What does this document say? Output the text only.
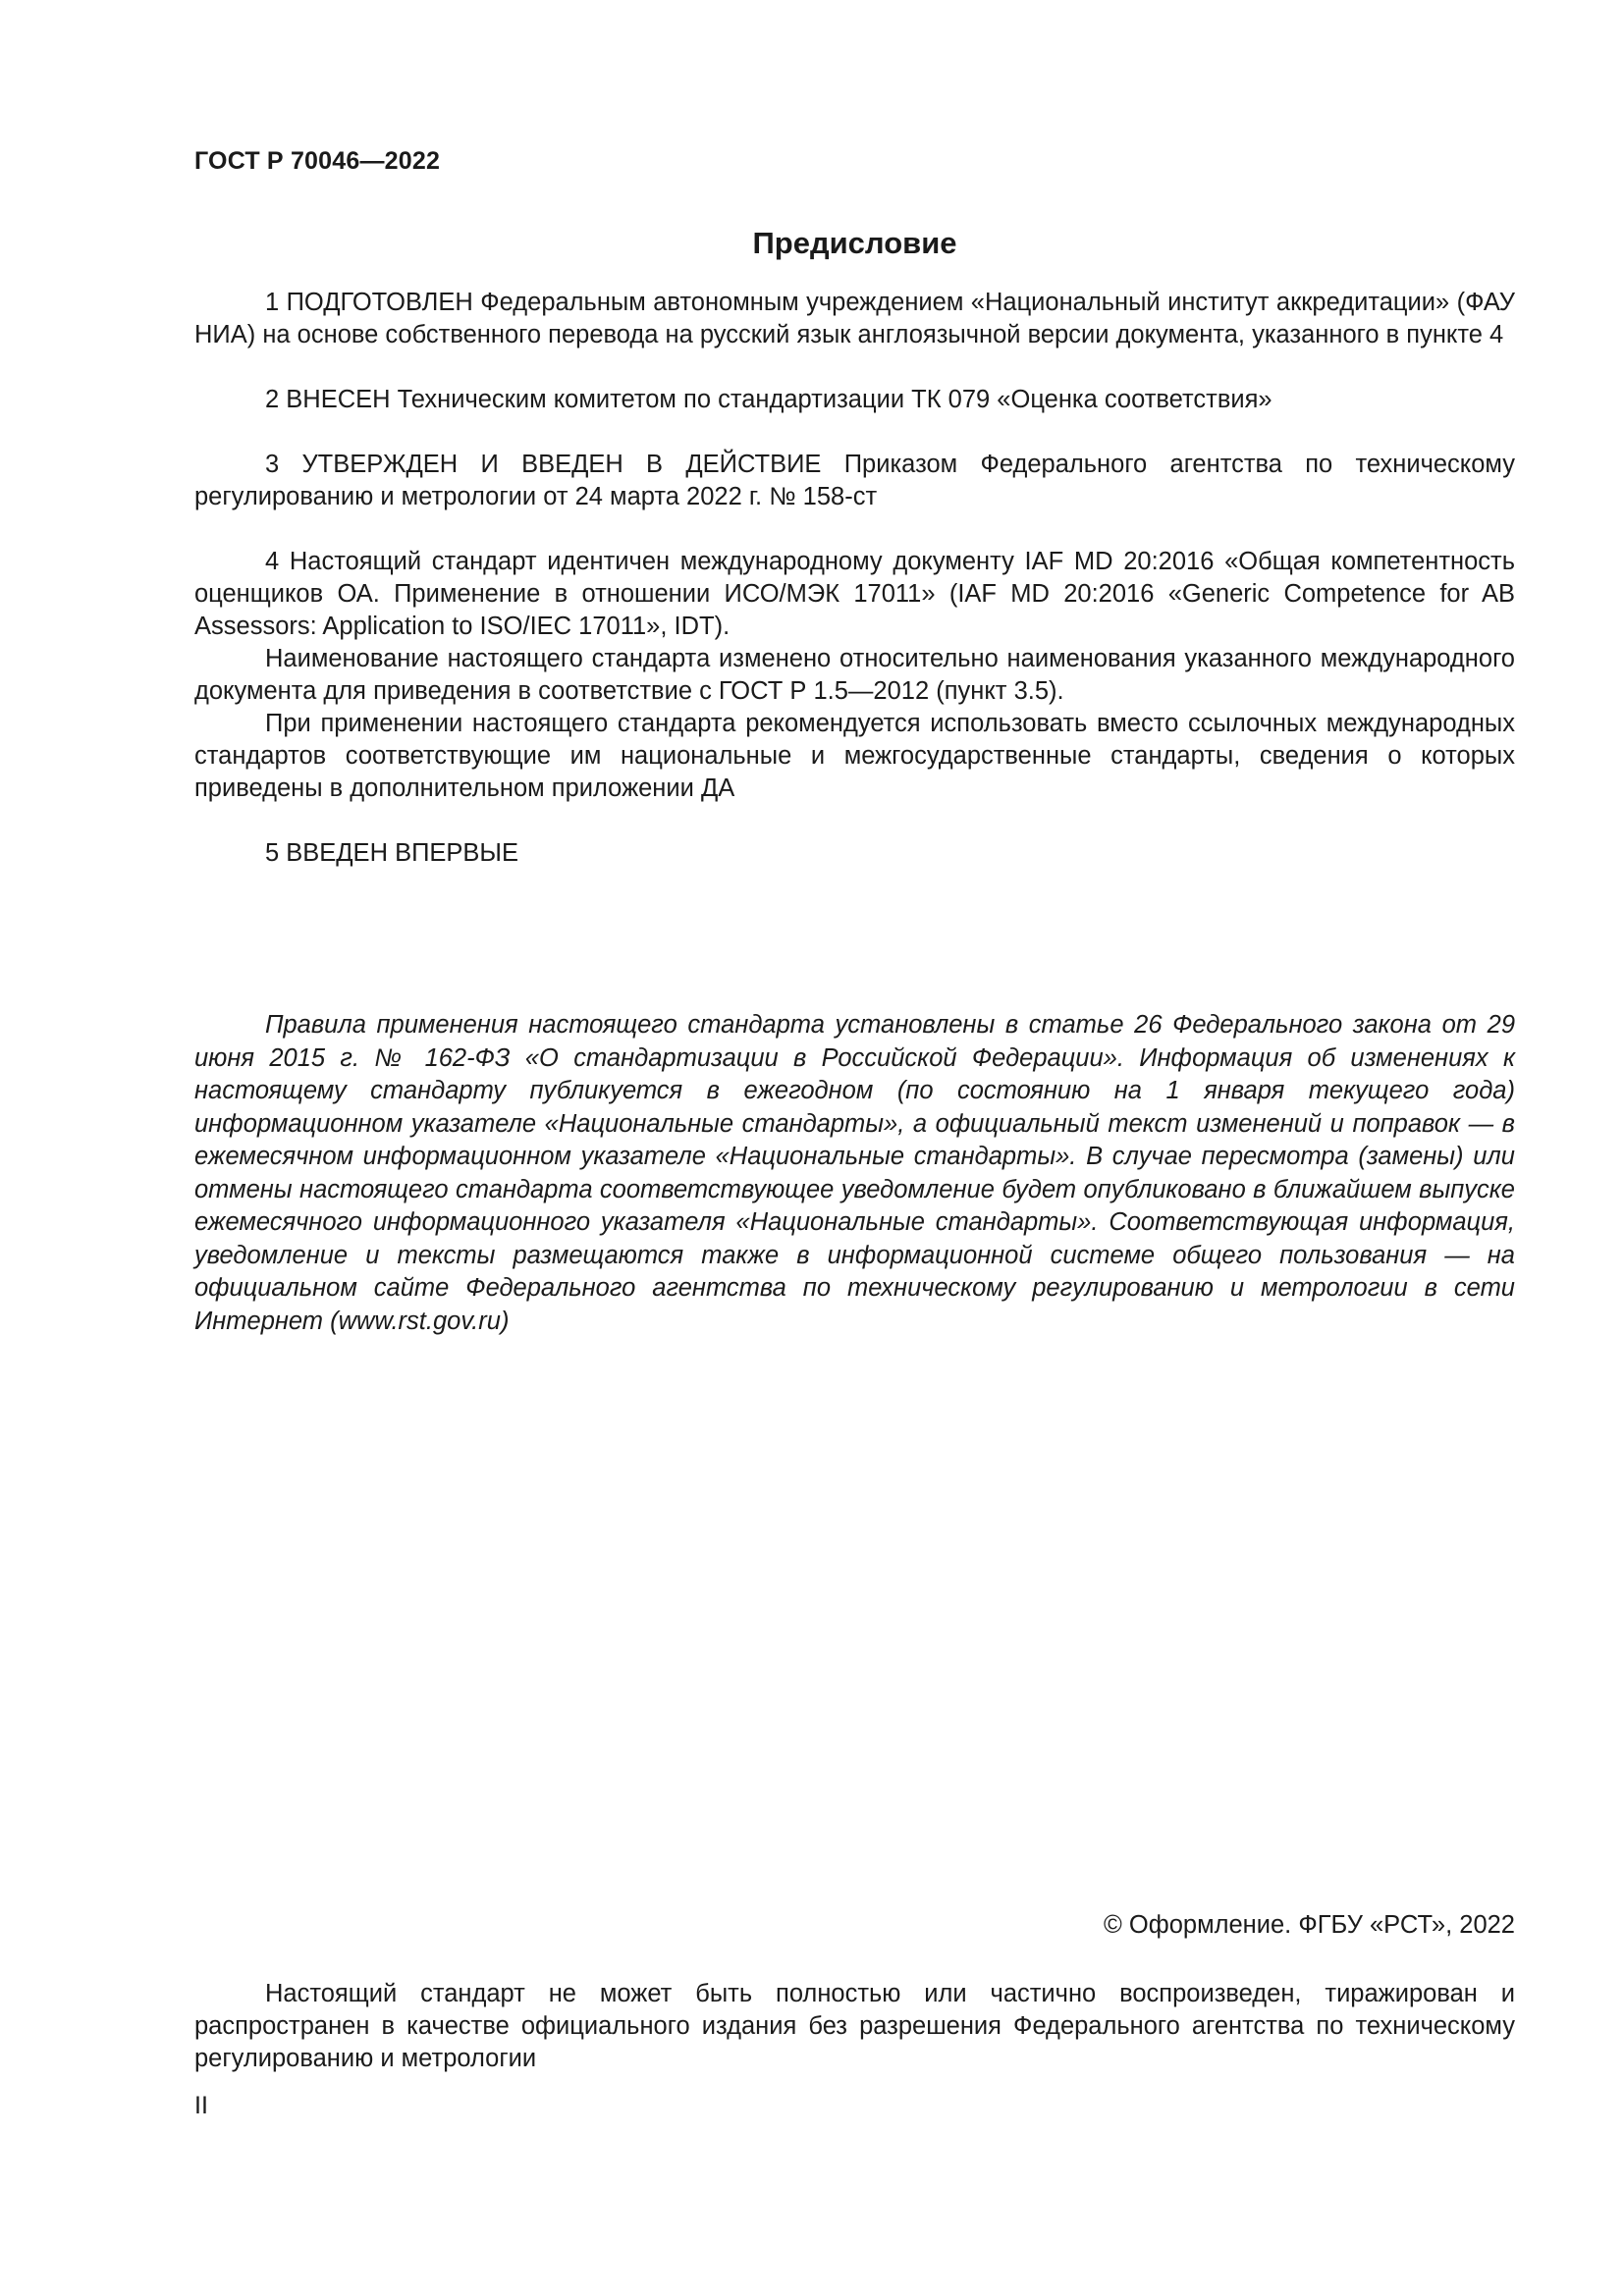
ГОСТ Р 70046—2022
Предисловие

1 ПОДГОТОВЛЕН Федеральным автономным учреждением «Национальный институт аккредитации» (ФАУ НИА) на основе собственного перевода на русский язык англоязычной версии документа, указанного в пункте 4

2 ВНЕСЕН Техническим комитетом по стандартизации ТК 079 «Оценка соответствия»

3 УТВЕРЖДЕН И ВВЕДЕН В ДЕЙСТВИЕ Приказом Федерального агентства по техническому регулированию и метрологии от 24 марта 2022 г. № 158-ст

4 Настоящий стандарт идентичен международному документу IAF MD 20:2016 «Общая компетентность оценщиков ОА. Применение в отношении ИСО/МЭК 17011» (IAF MD 20:2016 «Generic Competence for AB Assessors: Application to ISO/IEC 17011», IDT).

Наименование настоящего стандарта изменено относительно наименования указанного международного документа для приведения в соответствие с ГОСТ Р 1.5—2012 (пункт 3.5).

При применении настоящего стандарта рекомендуется использовать вместо ссылочных международных стандартов соответствующие им национальные и межгосударственные стандарты, сведения о которых приведены в дополнительном приложении ДА

5 ВВЕДЕН ВПЕРВЫЕ

Правила применения настоящего стандарта установлены в статье 26 Федерального закона от 29 июня 2015 г. № 162-ФЗ «О стандартизации в Российской Федерации». Информация об изменениях к настоящему стандарту публикуется в ежегодном (по состоянию на 1 января текущего года) информационном указателе «Национальные стандарты», а официальный текст изменений и поправок — в ежемесячном информационном указателе «Национальные стандарты». В случае пересмотра (замены) или отмены настоящего стандарта соответствующее уведомление будет опубликовано в ближайшем выпуске ежемесячного информационного указателя «Национальные стандарты». Соответствующая информация, уведомление и тексты размещаются также в информационной системе общего пользования — на официальном сайте Федерального агентства по техническому регулированию и метрологии в сети Интернет (www.rst.gov.ru)

© Оформление. ФГБУ «РСТ», 2022

Настоящий стандарт не может быть полностью или частично воспроизведен, тиражирован и распространен в качестве официального издания без разрешения Федерального агентства по техническому регулированию и метрологии

II
